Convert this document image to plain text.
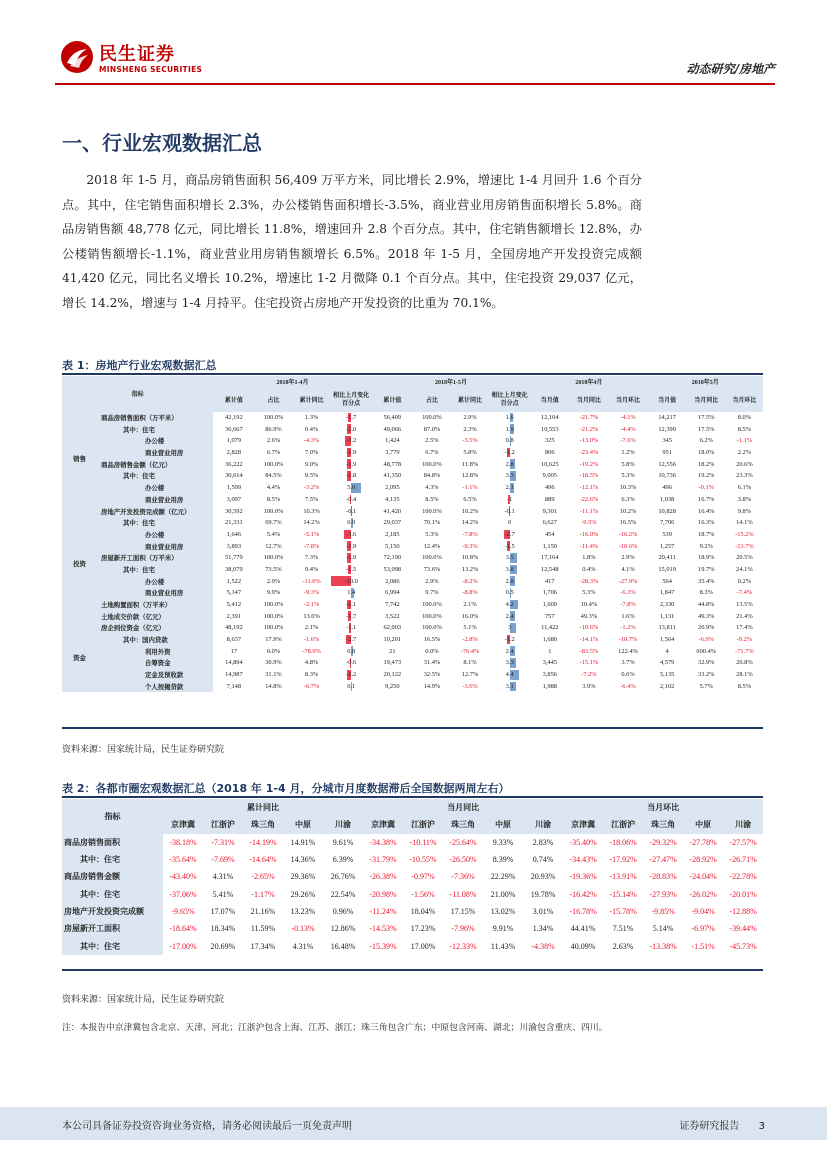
民生证券
MINSHENG SECURITIES	动态研究/房地产
一、行业宏观数据汇总
2018 年 1-5 月，商品房销售面积 56,409 万平方米，同比增长 2.9%，增速比 1-4 月回升 1.6 个百分点。其中，住宅销售面积增长 2.3%，办公楼销售面积增长-3.5%，商业营业用房销售面积增长 5.8%。商品房销售额 48,778 亿元，同比增长 11.8%，增速回升 2.8 个百分点。其中，住宅销售额增长 12.8%，办公楼销售额增长-1.1%，商业营业用房销售额增长 6.5%。2018 年 1-5 月，全国房地产开发投资完成额 41,420 亿元，同比名义增长 10.2%，增速比 1-2 月微降 0.1 个百分点。其中，住宅投资 29,037 亿元，增长 14.2%，增速与 1-4 月持平。住宅投资占房地产开发投资的比重为 70.1%。
表 1：房地产行业宏观数据汇总
指标		2018年1-4月				2018年1-5月				2018年4月			2018年5月		
		累计值	占比	累计同比	相比上月变化百分点	累计值	占比	累计同比	相比上月变化百分点	当月值	当月同比	当月环比	当月值	当月同比	当月环比
销售	商品房销售面积（万平米）	42,192	100.0%	1.3%	-1.7	56,409	100.0%	2.9%	1.6	12,104	-21.7%	-4.1%	14,217	17.5%	8.0%
	其中：住宅	36,667	86.9%	0.4%	-2.0	49,066	87.0%	2.3%	1.9	10,553	-21.2%	-4.4%	12,399	17.5%	8.5%
	办公楼	1,079	2.6%	-4.3%	-3.2	1,424	2.5%	-3.5%	0.8	325	-13.0%	-7.6%	345	6.2%	-1.1%
	商业营业用房	2,828	6.7%	7.0%	-1.9	3,779	6.7%	5.8%	-1.2	806	-23.4%	1.2%	951	18.0%	2.2%
	商品房销售金额（亿元）	36,222	100.0%	9.0%	-1.9	48,778	100.0%	11.8%	2.8	10,625	-19.2%	5.8%	12,556	18.2%	20.6%
	其中：住宅	30,614	84.5%	9.5%	-1.8	41,350	84.8%	12.8%	3.3	9,005	-18.5%	5.3%	10,736	19.2%	23.3%
	办公楼	1,599	4.4%	-3.2%	5.0	2,095	4.3%	-1.1%	2.1	496	-12.1%	10.3%	496	-0.1%	6.1%
	商业营业用房	3,097	8.5%	7.5%	-0.4	4,135	8.5%	6.5%	-1	889	-22.6%	6.3%	1,038	16.7%	3.8%
投资	房地产开发投资完成额（亿元）	30,592	100.0%	10.3%	-0.1	41,420	100.0%	10.2%	-0.1	9,301	-11.1%	10.2%	10,828	16.4%	9.8%
	其中：住宅	21,331	69.7%	14.2%	0.9	29,037	70.1%	14.2%	0	6,627	-9.5%	16.5%	7,706	16.3%	14.1%
	办公楼	1,646	5.4%	-5.1%	-3.6	2,185	5.3%	-7.8%	-2.7	454	-16.0%	-16.2%	539	18.7%	-15.2%
	商业营业用房	3,893	12.7%	-7.8%	-1.9	5,150	12.4%	-9.3%	-1.5	1,150	-11.4%	-10.6%	1,257	9.2%	-13.7%
	房屋新开工面积（万平米）	51,779	100.0%	7.3%	-1.9	72,190	100.0%	10.8%	3.5	17,164	1.8%	2.9%	20,411	18.9%	20.5%
	其中：住宅	38,079	73.5%	9.4%	-1.5	53,098	73.6%	13.2%	3.8	12,548	0.4%	4.1%	15,019	19.7%	24.1%
	办公楼	1,522	2.9%	-11.0%	-10.0	2,086	2.9%	-8.2%	2.8	417	-28.3%	-27.9%	564	35.4%	0.2%
	商业营业用房	5,147	9.9%	-9.3%	1.4	6,994	9.7%	-8.8%	0.5	1,706	5.3%	-6.3%	1,847	8.3%	-7.4%
	土地购置面积（万平米）	5,412	100.0%	-2.1%	-2.1	7,742	100.0%	2.1%	4.2	1,609	10.4%	-7.8%	2,330	44.8%	13.5%
	土地成交价款（亿元）	2,391	100.0%	13.6%	-1.7	3,522	100.0%	16.0%	2.4	757	49.3%	1.6%	1,131	49.3%	21.4%
资金	房企到位资金（亿元）	48,192	100.0%	2.1%	-1.1	62,003	100.0%	5.1%	3	11,422	-10.6%	-1.2%	13,811	20.9%	17.4%
	其中：国内贷款	8,637	17.9%	-1.6%	-2.7	10,201	16.5%	-2.8%	-1.2	1,680	-14.1%	-10.7%	1,564	-6.9%	-9.2%
	利用外资	17	0.0%	-78.9%	0.8	21	0.0%	-76.4%	2.4	1	-83.5%	122.4%	4	600.4%	-71.7%
	自筹资金	14,894	30.9%	4.8%	-0.6	19,473	31.4%	8.1%	3.3	3,445	-15.1%	3.7%	4,579	32.9%	20.8%
	定金及预收款	14,987	31.1%	8.3%	-2.2	20,122	32.5%	12.7%	4.4	3,856	-7.2%	0.6%	5,135	33.2%	28.1%
	个人按揭贷款	7,148	14.8%	-6.7%	0.1	9,250	14.9%	-3.6%	3.1	1,988	3.9%	-6.4%	2,102	5.7%	8.5%
资料来源：国家统计局，民生证券研究院
表 2：各都市圈宏观数据汇总（2018 年 1-4 月，分城市月度数据滞后全国数据两周左右）
指标	累计同比					当月同比					当月环比				
	京津冀	江浙沪	珠三角	中原	川渝	京津冀	江浙沪	珠三角	中原	川渝	京津冀	江浙沪	珠三角	中原	川渝
商品房销售面积	-38.18%	-7.31%	-14.19%	14.91%	9.61%	-34.38%	-10.11%	-25.64%	9.33%	2.83%	-35.40%	-18.06%	-29.32%	-27.78%	-27.57%
其中：住宅	-35.64%	-7.69%	-14.64%	14.36%	6.39%	-31.79%	-10.55%	-26.50%	8.39%	0.74%	-34.43%	-17.92%	-27.47%	-28.92%	-26.71%
商品房销售金额	-43.40%	4.31%	-2.65%	29.36%	26.76%	-26.38%	-0.97%	-7.36%	22.29%	20.93%	-19.36%	-13.91%	-28.83%	-24.04%	-22.78%
其中：住宅	-37.06%	5.41%	-1.17%	29.26%	22.54%	-20.98%	-1.56%	-11.08%	21.00%	19.78%	-16.42%	-15.14%	-27.93%	-26.02%	-20.01%
房地产开发投资完成额	-9.65%	17.07%	21.16%	13.23%	0.96%	-11.24%	18.04%	17.15%	13.02%	3.01%	-16.78%	-15.78%	-9.85%	-9.04%	-12.88%
房屋新开工面积	-18.64%	18.34%	11.59%	-0.13%	12.86%	-14.53%	17.23%	-7.96%	9.91%	1.34%	44.41%	7.51%	5.14%	-6.97%	-39.44%
其中：住宅	-17.00%	20.69%	17.34%	4.31%	16.48%	-15.39%	17.00%	-12.33%	11.43%	-4.38%	40.09%	2.63%	-13.38%	-1.51%	-45.73%
资料来源：国家统计局，民生证券研究院
注：本报告中京津冀包含北京、天津、河北；江浙沪包含上海、江苏、浙江；珠三角包含广东；中原包含河南、湖北；川渝包含重庆、四川。
本公司具备证券投资咨询业务资格，请务必阅读最后一页免责声明	证券研究报告 3
